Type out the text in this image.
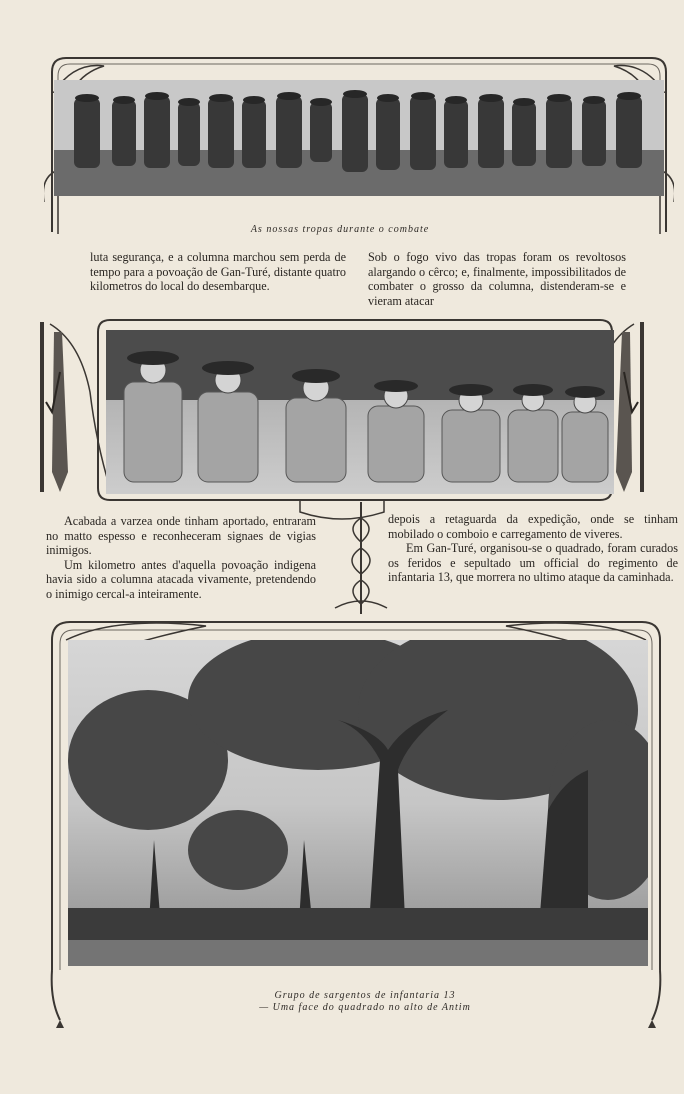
As nossas tropas durante o combate

luta segurança, e a columna marchou sem perda de tempo para a povoação de Gan-Turé, distante quatro kilometros do local do desembarque.

Sob o fogo vivo das tropas foram os revoltosos alargando o cêrco; e, finalmente, impossibilitados de combater o grosso da columna, distenderam-se e vieram atacar

Acabada a varzea onde tinham aportado, entraram no matto espesso e reconheceram signaes de vigias inimigos.

Um kilometro antes d'aquella povoação indigena havia sido a columna atacada vivamente, pretendendo o inimigo cercal-a inteiramente.

depois a retaguarda da expedição, onde se tinham mobilado o comboio e carregamento de viveres.

Em Gan-Turé, organisou-se o quadrado, foram curados os feridos e sepultado um official do regimento de infantaria 13, que morrera no ultimo ataque da caminhada.

Grupo de sargentos de infantaria 13
— Uma face do quadrado no alto de Antim
